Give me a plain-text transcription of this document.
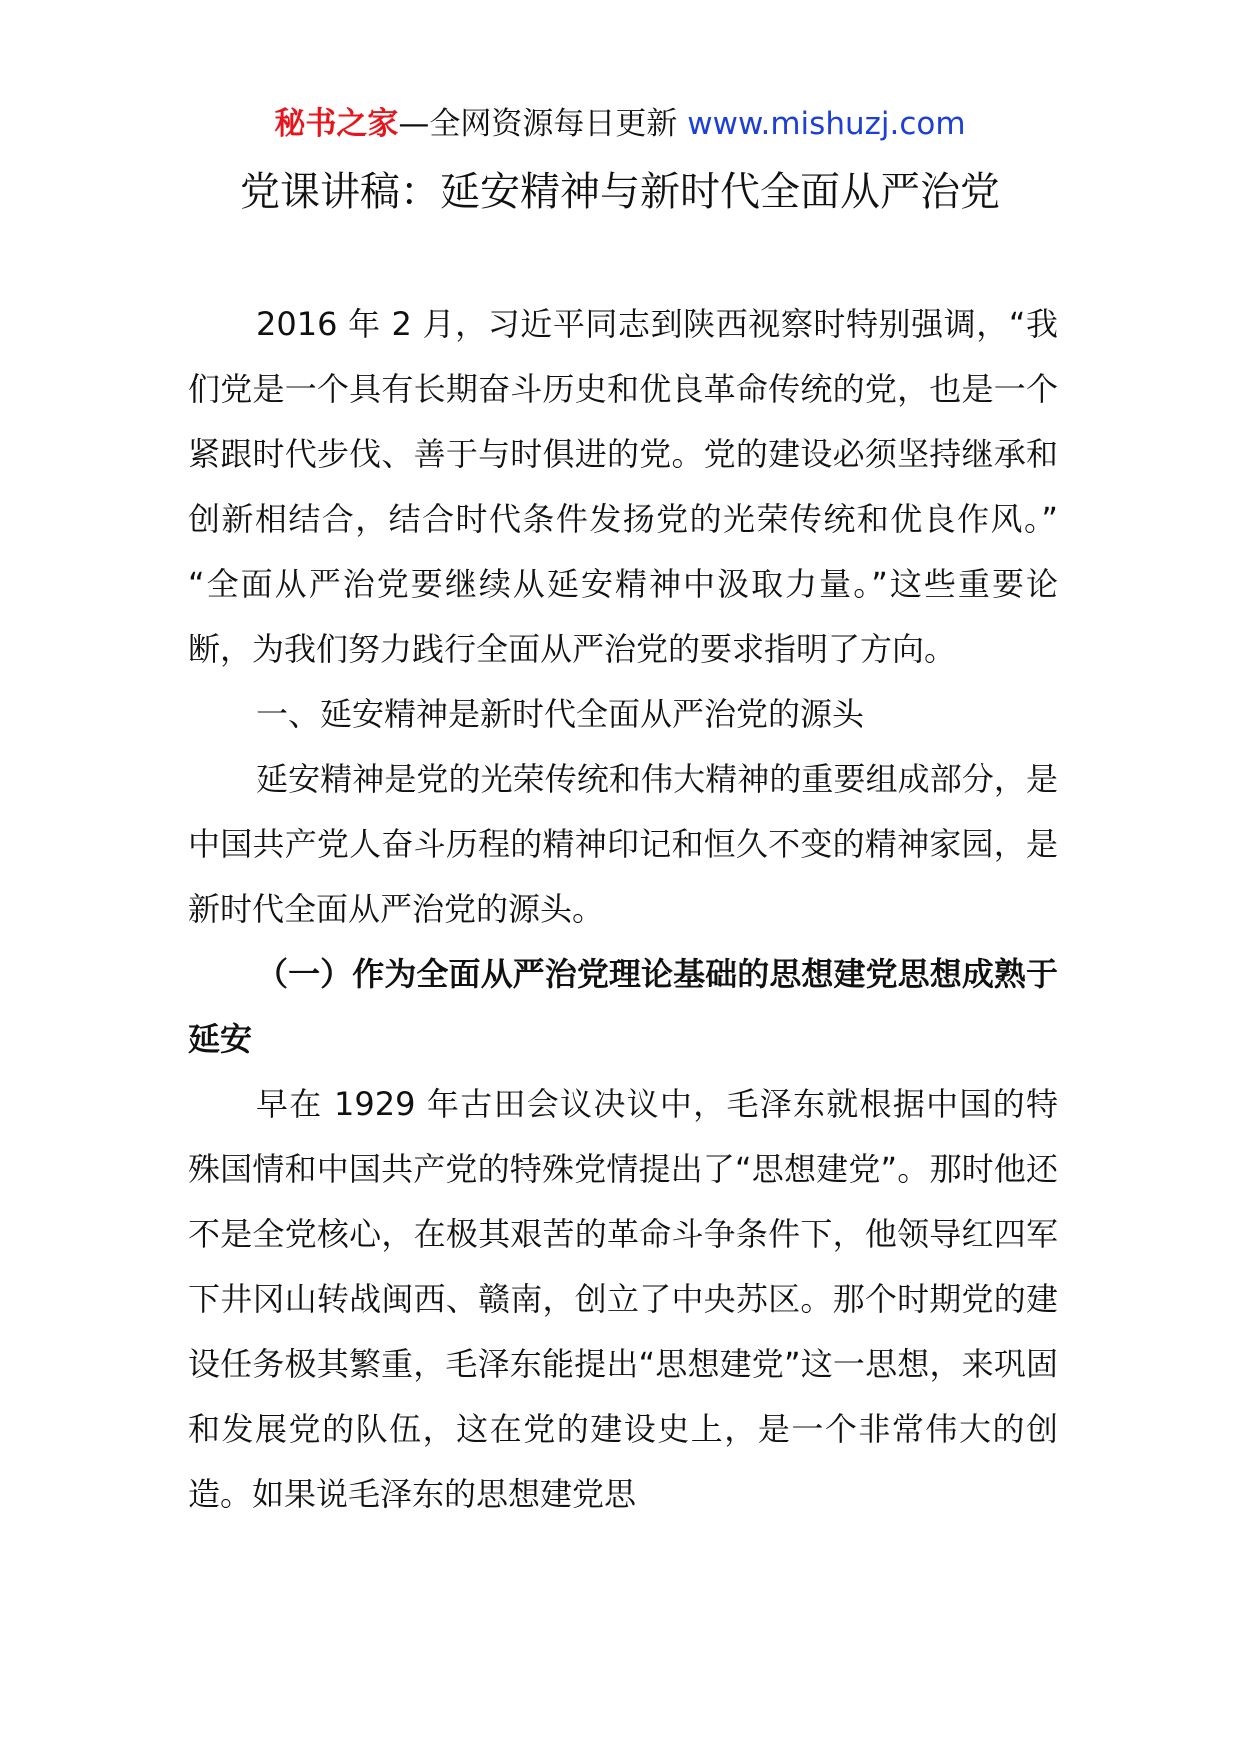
秘书之家—全网资源每日更新 www.mishuzj.com
党课讲稿：延安精神与新时代全面从严治党

2016 年 2 月，习近平同志到陕西视察时特别强调，“我们党是一个具有长期奋斗历史和优良革命传统的党，也是一个紧跟时代步伐、善于与时俱进的党。党的建设必须坚持继承和创新相结合，结合时代条件发扬党的光荣传统和优良作风。” “全面从严治党要继续从延安精神中汲取力量。”这些重要论断，为我们努力践行全面从严治党的要求指明了方向。

一、延安精神是新时代全面从严治党的源头

延安精神是党的光荣传统和伟大精神的重要组成部分，是中国共产党人奋斗历程的精神印记和恒久不变的精神家园，是新时代全面从严治党的源头。

（一）作为全面从严治党理论基础的思想建党思想成熟于延安

早在 1929 年古田会议决议中，毛泽东就根据中国的特殊国情和中国共产党的特殊党情提出了“思想建党”。那时他还不是全党核心，在极其艰苦的革命斗争条件下，他领导红四军下井冈山转战闽西、赣南，创立了中央苏区。那个时期党的建设任务极其繁重，毛泽东能提出“思想建党”这一思想，来巩固和发展党的队伍，这在党的建设史上，是一个非常伟大的创造。如果说毛泽东的思想建党思
